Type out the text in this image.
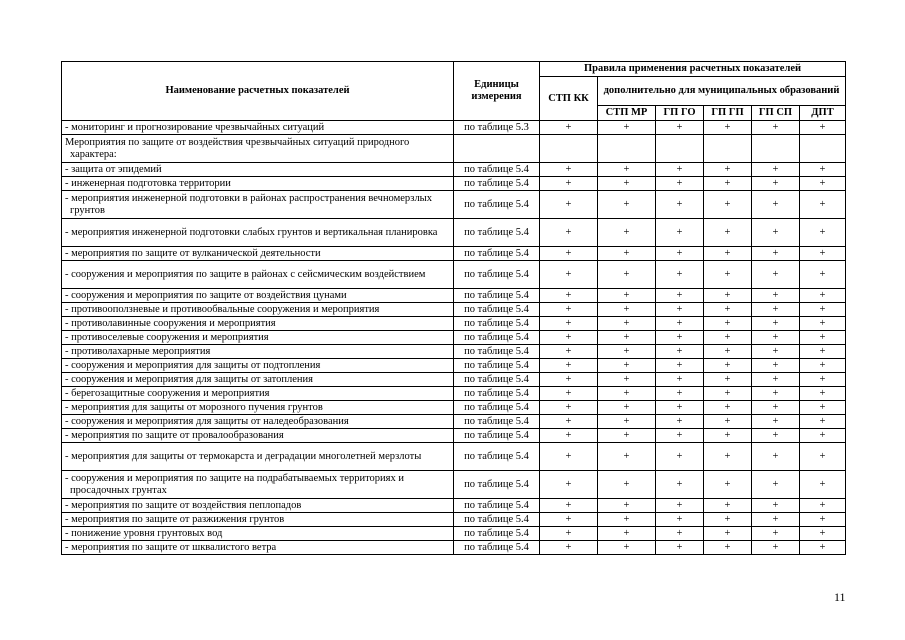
Наименование расчетных показателей	Единицы измерения	Правила применения расчетных показателей					
		СТП КК	дополнительно для муниципальных образований				
			СТП МР	ГП ГО	ГП ГП	ГП СП	ДПТ

- мониторинг и прогнозирование чрезвычайных ситуаций	по таблице 5.3	+	+	+	+	+	+

Мероприятия по защите от воздействия чрезвычайных ситуаций природного характера:							

- защита от эпидемий	по таблице 5.4	+	+	+	+	+	+

- инженерная подготовка территории	по таблице 5.4	+	+	+	+	+	+

- мероприятия инженерной подготовки в районах распространения вечномерзлых грунтов	по таблице 5.4	+	+	+	+	+	+

- мероприятия инженерной подготовки слабых грунтов и вертикальная планировка	по таблице 5.4	+	+	+	+	+	+

- мероприятия по защите от вулканической деятельности	по таблице 5.4	+	+	+	+	+	+

- сооружения и мероприятия по защите в районах с сейсмическим воздействием	по таблице 5.4	+	+	+	+	+	+

- сооружения и мероприятия по защите от воздействия цунами	по таблице 5.4	+	+	+	+	+	+

- противооползневые и противообвальные сооружения и мероприятия	по таблице 5.4	+	+	+	+	+	+

- противолавинные сооружения и мероприятия	по таблице 5.4	+	+	+	+	+	+

- противоселевые сооружения и мероприятия	по таблице 5.4	+	+	+	+	+	+

- противолахарные мероприятия	по таблице 5.4	+	+	+	+	+	+

- сооружения и мероприятия для защиты от подтопления	по таблице 5.4	+	+	+	+	+	+

- сооружения и мероприятия для защиты от затопления	по таблице 5.4	+	+	+	+	+	+

- берегозащитные сооружения и мероприятия	по таблице 5.4	+	+	+	+	+	+

- мероприятия для защиты от морозного пучения грунтов	по таблице 5.4	+	+	+	+	+	+

- сооружения и мероприятия для защиты от наледеобразования	по таблице 5.4	+	+	+	+	+	+

- мероприятия по защите от провалообразования	по таблице 5.4	+	+	+	+	+	+

- мероприятия для защиты от термокарста и деградации многолетней мерзлоты	по таблице 5.4	+	+	+	+	+	+

- сооружения и мероприятия по защите на подрабатываемых территориях и просадочных грунтах	по таблице 5.4	+	+	+	+	+	+

- мероприятия по защите от воздействия пеплопадов	по таблице 5.4	+	+	+	+	+	+

- мероприятия по защите от разжижения грунтов	по таблице 5.4	+	+	+	+	+	+

- понижение уровня грунтовых вод	по таблице 5.4	+	+	+	+	+	+

- мероприятия по защите от шквалистого ветра	по таблице 5.4	+	+	+	+	+	+
11
